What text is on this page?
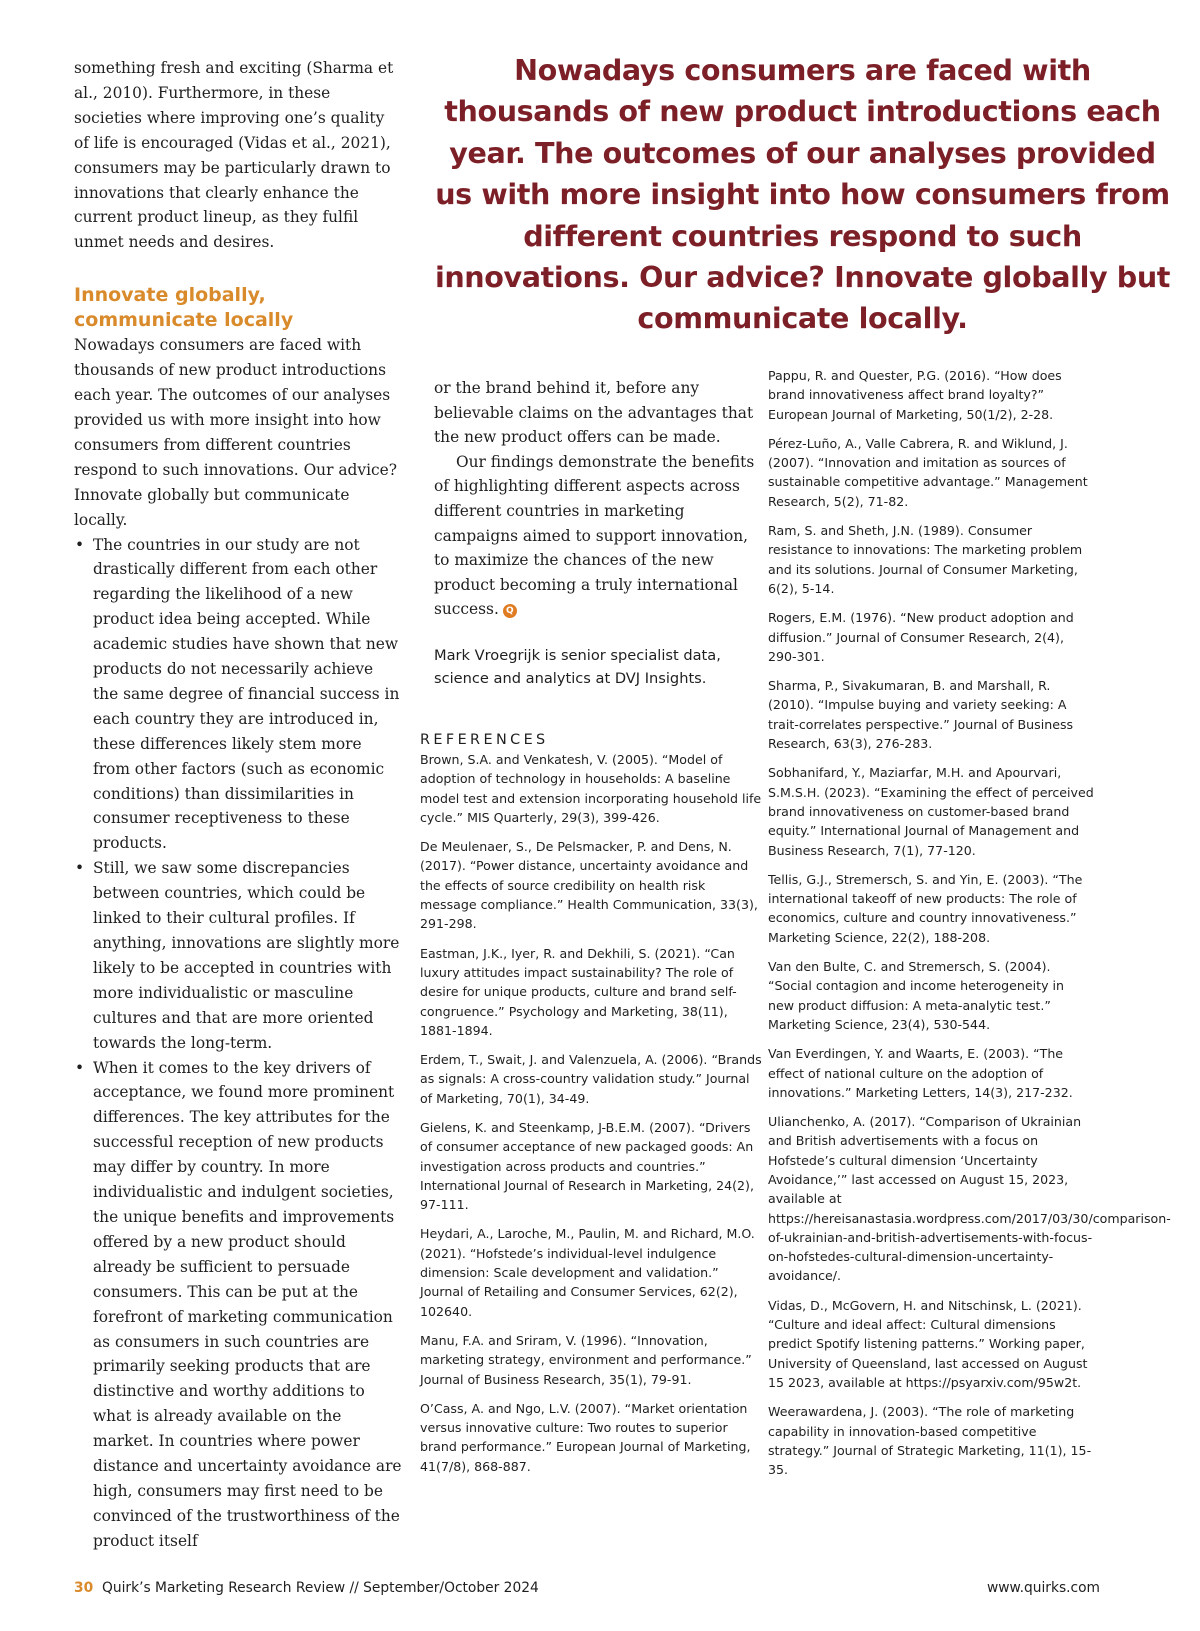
something fresh and exciting (Sharma et al., 2010). Furthermore, in these societies where improving one’s quality of life is encouraged (Vidas et al., 2021), consumers may be particularly drawn to innovations that clearly enhance the current product lineup, as they fulfil unmet needs and desires.

Innovate globally,
communicate locally

Nowadays consumers are faced with thousands of new product introductions each year. The outcomes of our analyses provided us with more insight into how consumers from different countries respond to such innovations. Our advice? Innovate globally but communicate locally.

• The countries in our study are not drastically different from each other regarding the likelihood of a new product idea being accepted. While academic studies have shown that new products do not necessarily achieve the same degree of financial success in each country they are introduced in, these differences likely stem more from other factors (such as economic conditions) than dissimilarities in consumer receptiveness to these products.
• Still, we saw some discrepancies between countries, which could be linked to their cultural profiles. If anything, innovations are slightly more likely to be accepted in countries with more individualistic or masculine cultures and that are more oriented towards the long-term.
• When it comes to the key drivers of acceptance, we found more prominent differences. The key attributes for the successful reception of new products may differ by country. In more individualistic and indulgent societies, the unique benefits and improvements offered by a new product should already be sufficient to persuade consumers. This can be put at the forefront of marketing communication as consumers in such countries are primarily seeking products that are distinctive and worthy additions to what is already available on the market. In countries where power distance and uncertainty avoidance are high, consumers may first need to be convinced of the trustworthiness of the product itself

Nowadays consumers are faced with thousands of new product introductions each year. The outcomes of our analyses provided us with more insight into how consumers from different countries respond to such innovations. Our advice? Innovate globally but communicate locally.

or the brand behind it, before any believable claims on the advantages that the new product offers can be made.

Our findings demonstrate the benefits of highlighting different aspects across different countries in marketing campaigns aimed to support innovation, to maximize the chances of the new product becoming a truly international success. Q

Mark Vroegrijk is senior specialist data, science and analytics at DVJ Insights.

REFERENCES

Brown, S.A. and Venkatesh, V. (2005). “Model of adoption of technology in households: A baseline model test and extension incorporating household life cycle.” MIS Quarterly, 29(3), 399-426.

De Meulenaer, S., De Pelsmacker, P. and Dens, N. (2017). “Power distance, uncertainty avoidance and the effects of source credibility on health risk message compliance.” Health Communication, 33(3), 291-298.

Eastman, J.K., Iyer, R. and Dekhili, S. (2021). “Can luxury attitudes impact sustainability? The role of desire for unique products, culture and brand self-congruence.” Psychology and Marketing, 38(11), 1881-1894.

Erdem, T., Swait, J. and Valenzuela, A. (2006). “Brands as signals: A cross-country validation study.” Journal of Marketing, 70(1), 34-49.

Gielens, K. and Steenkamp, J-B.E.M. (2007). “Drivers of consumer acceptance of new packaged goods: An investigation across products and countries.” International Journal of Research in Marketing, 24(2), 97-111.

Heydari, A., Laroche, M., Paulin, M. and Richard, M.O. (2021). “Hofstede’s individual-level indulgence dimension: Scale development and validation.” Journal of Retailing and Consumer Services, 62(2), 102640.

Manu, F.A. and Sriram, V. (1996). “Innovation, marketing strategy, environment and performance.” Journal of Business Research, 35(1), 79-91.

O’Cass, A. and Ngo, L.V. (2007). “Market orientation versus innovative culture: Two routes to superior brand performance.” European Journal of Marketing, 41(7/8), 868-887.

Pappu, R. and Quester, P.G. (2016). “How does brand innovativeness affect brand loyalty?” European Journal of Marketing, 50(1/2), 2-28.

Pérez-Luño, A., Valle Cabrera, R. and Wiklund, J. (2007). “Innovation and imitation as sources of sustainable competitive advantage.” Management Research, 5(2), 71-82.

Ram, S. and Sheth, J.N. (1989). Consumer resistance to innovations: The marketing problem and its solutions. Journal of Consumer Marketing, 6(2), 5-14.

Rogers, E.M. (1976). “New product adoption and diffusion.” Journal of Consumer Research, 2(4), 290-301.

Sharma, P., Sivakumaran, B. and Marshall, R. (2010). “Impulse buying and variety seeking: A trait-correlates perspective.” Journal of Business Research, 63(3), 276-283.

Sobhanifard, Y., Maziarfar, M.H. and Apourvari, S.M.S.H. (2023). “Examining the effect of perceived brand innovativeness on customer-based brand equity.” International Journal of Management and Business Research, 7(1), 77-120.

Tellis, G.J., Stremersch, S. and Yin, E. (2003). “The international takeoff of new products: The role of economics, culture and country innovativeness.” Marketing Science, 22(2), 188-208.

Van den Bulte, C. and Stremersch, S. (2004). “Social contagion and income heterogeneity in new product diffusion: A meta-analytic test.” Marketing Science, 23(4), 530-544.

Van Everdingen, Y. and Waarts, E. (2003). “The effect of national culture on the adoption of innovations.” Marketing Letters, 14(3), 217-232.

Ulianchenko, A. (2017). “Comparison of Ukrainian and British advertisements with a focus on Hofstede’s cultural dimension ‘Uncertainty Avoidance,’” last accessed on August 15, 2023, available at https://hereisanastasia.wordpress.com/2017/03/30/comparison-of-ukrainian-and-british-advertisements-with-focus-on-hofstedes-cultural-dimension-uncertainty-avoidance/.

Vidas, D., McGovern, H. and Nitschinsk, L. (2021). “Culture and ideal affect: Cultural dimensions predict Spotify listening patterns.” Working paper, University of Queensland, last accessed on August 15 2023, available at https://psyarxiv.com/95w2t.

Weerawardena, J. (2003). “The role of marketing capability in innovation-based competitive strategy.” Journal of Strategic Marketing, 11(1), 15-35.

30 Quirk’s Marketing Research Review // September/October 2024	www.quirks.com
